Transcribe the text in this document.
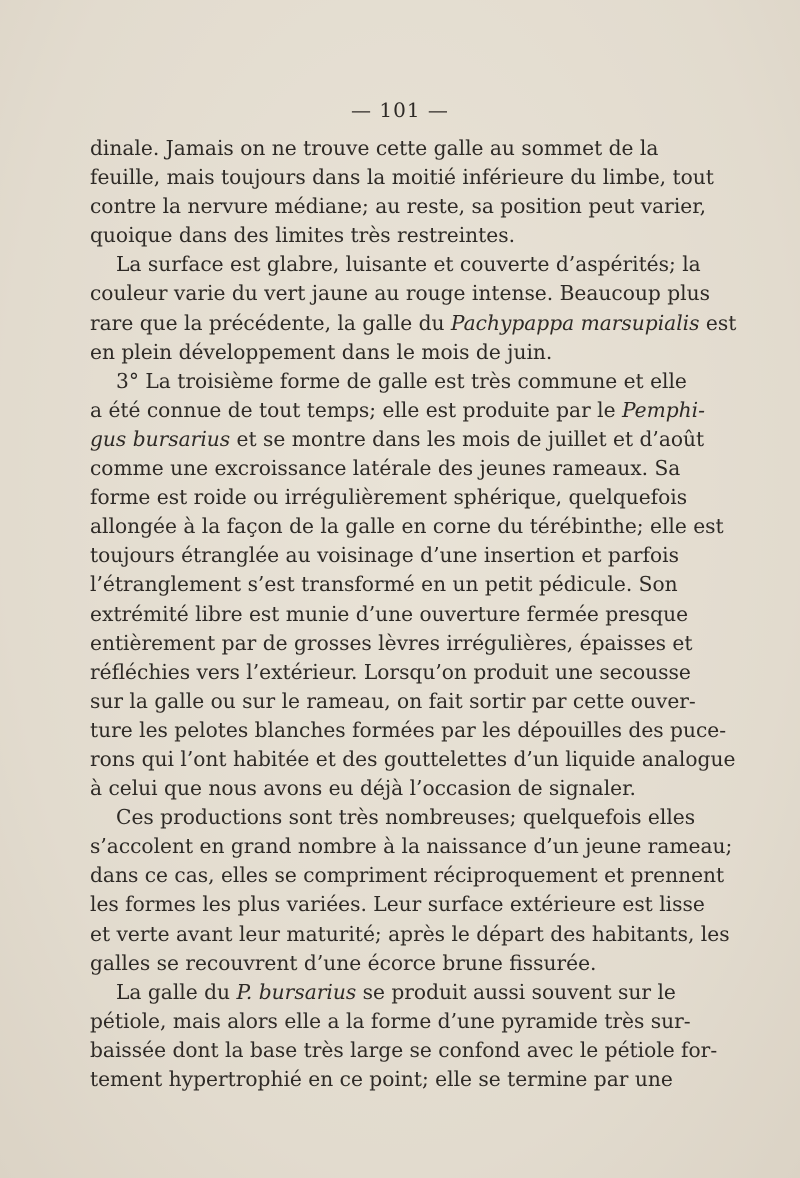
— 101 —
dinale. Jamais on ne trouve cette galle au sommet de la
feuille, mais toujours dans la moitié inférieure du limbe, tout
contre la nervure médiane; au reste, sa position peut varier,
quoique dans des limites très restreintes.
La surface est glabre, luisante et couverte d’aspérités; la
couleur varie du vert jaune au rouge intense. Beaucoup plus
rare que la précédente, la galle du Pachypappa marsupialis est
en plein développement dans le mois de juin.
3° La troisième forme de galle est très commune et elle
a été connue de tout temps; elle est produite par le Pemphi-
gus bursarius et se montre dans les mois de juillet et d’août
comme une excroissance latérale des jeunes rameaux. Sa
forme est roide ou irrégulièrement sphérique, quelquefois
allongée à la façon de la galle en corne du térébinthe; elle est
toujours étranglée au voisinage d’une insertion et parfois
l’étranglement s’est transformé en un petit pédicule. Son
extrémité libre est munie d’une ouverture fermée presque
entièrement par de grosses lèvres irrégulières, épaisses et
réfléchies vers l’extérieur. Lorsqu’on produit une secousse
sur la galle ou sur le rameau, on fait sortir par cette ouver-
ture les pelotes blanches formées par les dépouilles des puce-
rons qui l’ont habitée et des gouttelettes d’un liquide analogue
à celui que nous avons eu déjà l’occasion de signaler.
Ces productions sont très nombreuses; quelquefois elles
s’accolent en grand nombre à la naissance d’un jeune rameau;
dans ce cas, elles se compriment réciproquement et prennent
les formes les plus variées. Leur surface extérieure est lisse
et verte avant leur maturité; après le départ des habitants, les
galles se recouvrent d’une écorce brune fissurée.
La galle du P. bursarius se produit aussi souvent sur le
pétiole, mais alors elle a la forme d’une pyramide très sur-
baissée dont la base très large se confond avec le pétiole for-
tement hypertrophié en ce point; elle se termine par une
